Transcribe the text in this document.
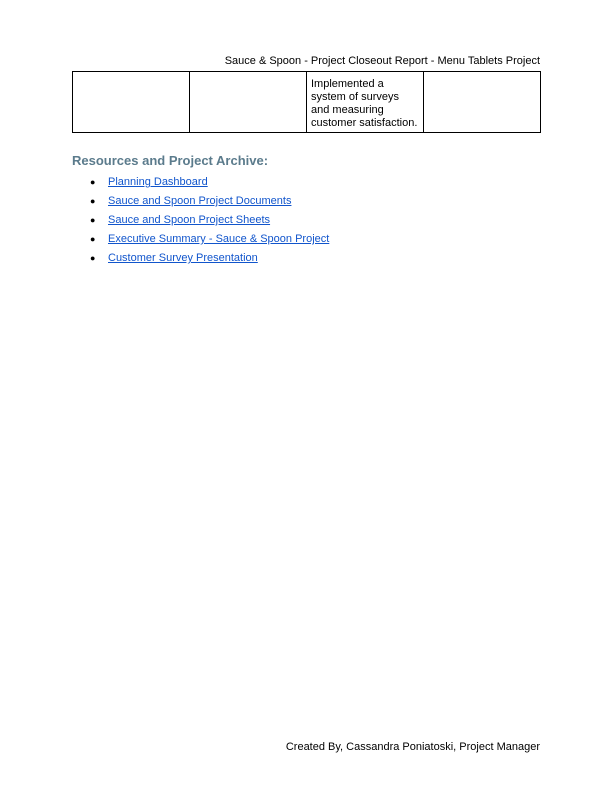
Sauce & Spoon - Project Closeout Report - Menu Tablets Project
		Implemented a system of surveys and measuring customer satisfaction.	
Resources and Project Archive:
● Planning Dashboard
● Sauce and Spoon Project Documents
● Sauce and Spoon Project Sheets
● Executive Summary - Sauce & Spoon Project
● Customer Survey Presentation
Created By, Cassandra Poniatoski, Project Manager
